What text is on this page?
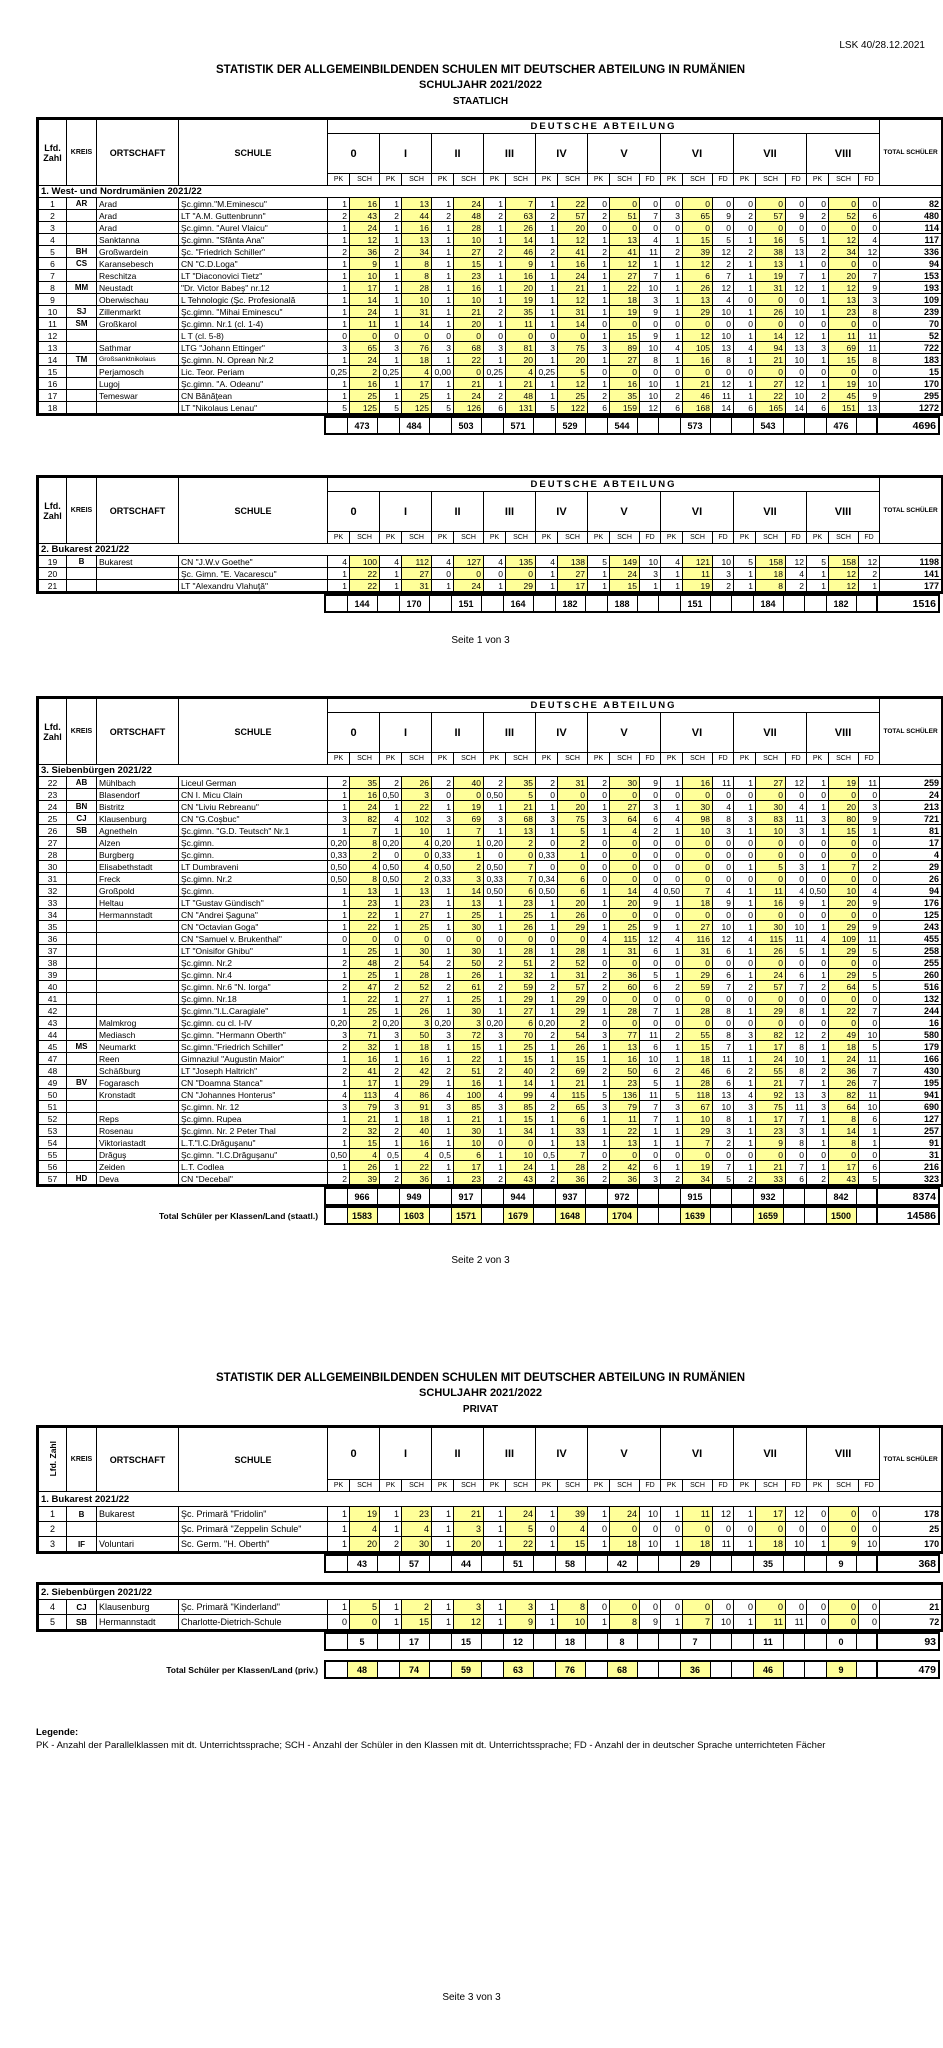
LSK 40/28.12.2021
STATISTIK DER ALLGEMEINBILDENDEN SCHULEN MIT DEUTSCHER ABTEILUNG IN RUMÄNIEN
SCHULJAHR 2021/2022
STAATLICH
Lfd. Zahl	KREIS	ORTSCHAFT	SCHULE	DEUTSCHE ABTEILUNG																						TOTAL SCHÜLER
				0		I		II		III		IV		V			VI			VII			VIII			
				PK	SCH	PK	SCH	PK	SCH	PK	SCH	PK	SCH	PK	SCH	FD	PK	SCH	FD	PK	SCH	FD	PK	SCH	FD	
1. West- und Nordrumänien 2021/22																										
1	AR	Arad	Şc.gimn."M.Eminescu"	1	16	1	13	1	24	1	7	1	22	0	0	0	0	0	0	0	0	0	0	0	0	82
2		Arad	LT "A.M. Guttenbrunn"	2	43	2	44	2	48	2	63	2	57	2	51	7	3	65	9	2	57	9	2	52	6	480
3		Arad	Şc.gimn. "Aurel Vlaicu"	1	24	1	16	1	28	1	26	1	20	0	0	0	0	0	0	0	0	0	0	0	0	114
4		Sanktanna	Şc.gimn. "Sfânta Ana"	1	12	1	13	1	10	1	14	1	12	1	13	4	1	15	5	1	16	5	1	12	4	117
5	BH	Großwardein	Şc. "Friedrich Schiller"	2	36	2	34	1	27	2	46	2	41	2	41	11	2	39	12	2	38	13	2	34	12	336
6	CS	Karansebesch	CN "C.D.Loga"	1	9	1	8	1	15	1	9	1	16	1	12	1	1	12	2	1	13	1	0	0	0	94
7		Reschitza	LT "Diaconovici Tietz"	1	10	1	8	1	23	1	16	1	24	1	27	7	1	6	7	1	19	7	1	20	7	153
8	MM	Neustadt	"Dr. Victor Babeş" nr.12	1	17	1	28	1	16	1	20	1	21	1	22	10	1	26	12	1	31	12	1	12	9	193
9		Oberwischau	L Tehnologic (Şc. Profesională	1	14	1	10	1	10	1	19	1	12	1	18	3	1	13	4	0	0	0	1	13	3	109
10	SJ	Zillenmarkt	Şc.gimn. "Mihai Eminescu"	1	24	1	31	1	21	2	35	1	31	1	19	9	1	29	10	1	26	10	1	23	8	239
11	SM	Großkarol	Şc.gimn. Nr.1 (cl. 1-4)	1	11	1	14	1	20	1	11	1	14	0	0	0	0	0	0	0	0	0	0	0	0	70
12			L T (cl. 5-8)	0	0	0	0	0	0	0	0	0	0	1	15	9	1	12	10	1	14	12	1	11	11	52
13		Sathmar	LTG "Johann Ettinger"	3	65	3	76	3	68	3	81	3	75	3	89	10	4	105	13	4	94	13	3	69	11	722
14	TM	Großsanktnikolaus	Şc.gimn. N. Oprean Nr.2	1	24	1	18	1	22	1	20	1	20	1	27	8	1	16	8	1	21	10	1	15	8	183
15		Perjamosch	Lic. Teor. Periam	0,25	2	0,25	4	0,00	0	0,25	4	0,25	5	0	0	0	0	0	0	0	0	0	0	0	0	15
16		Lugoj	Şc.gimn. "A. Odeanu"	1	16	1	17	1	21	1	21	1	12	1	16	10	1	21	12	1	27	12	1	19	10	170
17		Temeswar	CN Bănăţean	1	25	1	25	1	24	2	48	1	25	2	35	10	2	46	11	1	22	10	2	45	9	295
18			LT "Nikolaus Lenau"	5	125	5	125	5	126	6	131	5	122	6	159	12	6	168	14	6	165	14	6	151	13	1272
		473		484		503		571		529		544			573			543			476		4696
Lfd. Zahl	KREIS	ORTSCHAFT	SCHULE	DEUTSCHE ABTEILUNG																						TOTAL SCHÜLER
				0		I		II		III		IV		V			VI			VII			VIII			
				PK	SCH	PK	SCH	PK	SCH	PK	SCH	PK	SCH	PK	SCH	FD	PK	SCH	FD	PK	SCH	FD	PK	SCH	FD	
2. Bukarest 2021/22																										
19	B	Bukarest	CN "J.W.v Goethe"	4	100	4	112	4	127	4	135	4	138	5	149	10	4	121	10	5	158	12	5	158	12	1198
20			Şc. Gimn. "E. Vacarescu"	1	22	1	27	0	0	0	0	1	27	1	24	3	1	11	3	1	18	4	1	12	2	141
21			LT "Alexandru Vlahuţă"	1	22	1	31	1	24	1	29	1	17	1	15	1	1	19	2	1	8	2	1	12	1	177
		144		170		151		164		182		188			151			184			182		1516
Seite 1 von 3
Lfd. Zahl	KREIS	ORTSCHAFT	SCHULE	DEUTSCHE ABTEILUNG																						TOTAL SCHÜLER
				0		I		II		III		IV		V			VI			VII			VIII			
				PK	SCH	PK	SCH	PK	SCH	PK	SCH	PK	SCH	PK	SCH	FD	PK	SCH	FD	PK	SCH	FD	PK	SCH	FD	
3. Siebenbürgen 2021/22																										
22	AB	Mühlbach	Liceul German	2	35	2	26	2	40	2	35	2	31	2	30	9	1	16	11	1	27	12	1	19	11	259
23		Blasendorf	CN I. Micu Clain	1	16	0,50	3	0	0	0,50	5	0	0	0	0	0	0	0	0	0	0	0	0	0	0	24
24	BN	Bistritz	CN "Liviu Rebreanu"	1	24	1	22	1	19	1	21	1	20	1	27	3	1	30	4	1	30	4	1	20	3	213
25	CJ	Klausenburg	CN "G.Coşbuc"	3	82	4	102	3	69	3	68	3	75	3	64	6	4	98	8	3	83	11	3	80	9	721
26	SB	Agnetheln	Şc.gimn. "G.D. Teutsch" Nr.1	1	7	1	10	1	7	1	13	1	5	1	4	2	1	10	3	1	10	3	1	15	1	81
27		Alzen	Şc.gimn.	0,20	8	0,20	4	0,20	1	0,20	2	0	2	0	0	0	0	0	0	0	0	0	0	0	0	17
28		Burgberg	Şc.gimn.	0,33	2	0	0	0,33	1	0	0	0,33	1	0	0	0	0	0	0	0	0	0	0	0	0	4
30		Elisabethstadt	LT Dumbraveni	0,50	4	0,50	4	0,50	2	0,50	7	0	0	0	0	0	0	0	0	1	5	3	1	7	2	29
31		Freck	Şc.gimn. Nr.2	0,50	8	0,50	2	0,33	3	0,33	7	0,34	6	0	0	0	0	0	0	0	0	0	0	0	0	26
32		Großpold	Şc.gimn.	1	13	1	13	1	14	0,50	6	0,50	6	1	14	4	0,50	7	4	1	11	4	0,50	10	4	94
33		Heltau	LT "Gustav Gündisch"	1	23	1	23	1	13	1	23	1	20	1	20	9	1	18	9	1	16	9	1	20	9	176
34		Hermannstadt	CN "Andrei Şaguna"	1	22	1	27	1	25	1	25	1	26	0	0	0	0	0	0	0	0	0	0	0	0	125
35			CN "Octavian Goga"	1	22	1	25	1	30	1	26	1	29	1	25	9	1	27	10	1	30	10	1	29	9	243
36			CN "Samuel v. Brukenthal"	0	0	0	0	0	0	0	0	0	0	4	115	12	4	116	12	4	115	11	4	109	11	455
37			LT "Onisifor Ghibu"	1	25	1	30	1	30	1	28	1	28	1	31	6	1	31	6	1	26	5	1	29	5	258
38			Şc.gimn. Nr.2	2	48	2	54	2	50	2	51	2	52	0	0	0	0	0	0	0	0	0	0	0	0	255
39			Şc.gimn. Nr.4	1	25	1	28	1	26	1	32	1	31	2	36	5	1	29	6	1	24	6	1	29	5	260
40			Şc.gimn. Nr.6 "N. Iorga"	2	47	2	52	2	61	2	59	2	57	2	60	6	2	59	7	2	57	7	2	64	5	516
41			Şc.gimn. Nr.18	1	22	1	27	1	25	1	29	1	29	0	0	0	0	0	0	0	0	0	0	0	0	132
42			Şc.gimn."I.L.Caragiale"	1	25	1	26	1	30	1	27	1	29	1	28	7	1	28	8	1	29	8	1	22	7	244
43		Malmkrog	Şc.gimn. cu cl. I-IV	0,20	2	0,20	3	0,20	3	0,20	6	0,20	2	0	0	0	0	0	0	0	0	0	0	0	0	16
44		Mediasch	Şc.gimn. "Hermann Oberth"	3	71	3	50	3	72	3	70	2	54	3	77	11	2	55	8	3	82	12	2	49	10	580
45	MS	Neumarkt	Sc.gimn."Friedrich Schiller"	2	32	1	18	1	15	1	25	1	26	1	13	6	1	15	7	1	17	8	1	18	5	179
47		Reen	Gimnaziul "Augustin Maior"	1	16	1	16	1	22	1	15	1	15	1	16	10	1	18	11	1	24	10	1	24	11	166
48		Schäßburg	LT "Joseph Haltrich"	2	41	2	42	2	51	2	40	2	69	2	50	6	2	46	6	2	55	8	2	36	7	430
49	BV	Fogarasch	CN "Doamna Stanca"	1	17	1	29	1	16	1	14	1	21	1	23	5	1	28	6	1	21	7	1	26	7	195
50		Kronstadt	CN "Johannes Honterus"	4	113	4	86	4	100	4	99	4	115	5	136	11	5	118	13	4	92	13	3	82	11	941
51			Şc.gimn. Nr. 12	3	79	3	91	3	85	3	85	2	65	3	79	7	3	67	10	3	75	11	3	64	10	690
52		Reps	Şc.gimn. Rupea	1	21	1	18	1	21	1	15	1	6	1	11	7	1	10	8	1	17	7	1	8	6	127
53		Rosenau	Şc.gimn. Nr. 2 Peter Thal	2	32	2	40	1	30	1	34	1	33	1	22	1	1	29	3	1	23	3	1	14	1	257
54		Viktoriastadt	L.T."I.C.Drăguşanu"	1	15	1	16	1	10	0	0	1	13	1	13	1	1	7	2	1	9	8	1	8	1	91
55		Drăguş	Şc.gimn. "I.C.Drăguşanu"	0,50	4	0,5	4	0,5	6	1	10	0,5	7	0	0	0	0	0	0	0	0	0	0	0	0	31
56		Zeiden	L.T. Codlea	1	26	1	22	1	17	1	24	1	28	2	42	6	1	19	7	1	21	7	1	17	6	216
57	HD	Deva	CN "Decebal"	2	39	2	36	1	23	2	43	2	36	2	36	3	2	34	5	2	33	6	2	43	5	323
		966		949		917		944		937		972			915			932			842		8374
Total Schüler per Klassen/Land (staatl.)		1583		1603		1571		1679		1648		1704			1639			1659			1500		14586
Seite 2 von 3
STATISTIK DER ALLGEMEINBILDENDEN SCHULEN MIT DEUTSCHER ABTEILUNG IN RUMÄNIEN
SCHULJAHR 2021/2022
PRIVAT
Lfd. Zahl	KREIS	ORTSCHAFT	SCHULE	0		I		II		III		IV		V			VI			VII			VIII			TOTAL SCHÜLER
				PK	SCH	PK	SCH	PK	SCH	PK	SCH	PK	SCH	PK	SCH	FD	PK	SCH	FD	PK	SCH	FD	PK	SCH	FD	
1. Bukarest 2021/22																										
1	B	Bukarest	Şc. Primară "Fridolin"	1	19	1	23	1	21	1	24	1	39	1	24	10	1	11	12	1	17	12	0	0	0	178
2			Şc. Primară "Zeppelin Schule"	1	4	1	4	1	3	1	5	0	4	0	0	0	0	0	0	0	0	0	0	0	0	25
3	IF	Voluntari	Sc. Germ. "H. Oberth"	1	20	2	30	1	20	1	22	1	15	1	18	10	1	18	11	1	18	10	1	9	10	170
		43		57		44		51		58		42			29			35			9		368
2. Siebenbürgen 2021/22																										
4	CJ	Klausenburg	Şc. Primară "Kinderland"	1	5	1	2	1	3	1	3	1	8	0	0	0	0	0	0	0	0	0	0	0	0	21
5	SB	Hermannstadt	Charlotte-Dietrich-Schule	0	0	1	15	1	12	1	9	1	10	1	8	9	1	7	10	1	11	11	0	0	0	72
		5		17		15		12		18		8			7			11			0		93
Total Schüler per Klassen/Land (priv.)		48		74		59		63		76		68			36			46			9		479
Legende:
PK - Anzahl der Parallelklassen mit dt. Unterrichtssprache; SCH - Anzahl der Schüler in den Klassen mit dt. Unterrichtssprache; FD - Anzahl der in deutscher Sprache unterrichteten Fächer
Seite 3 von 3
